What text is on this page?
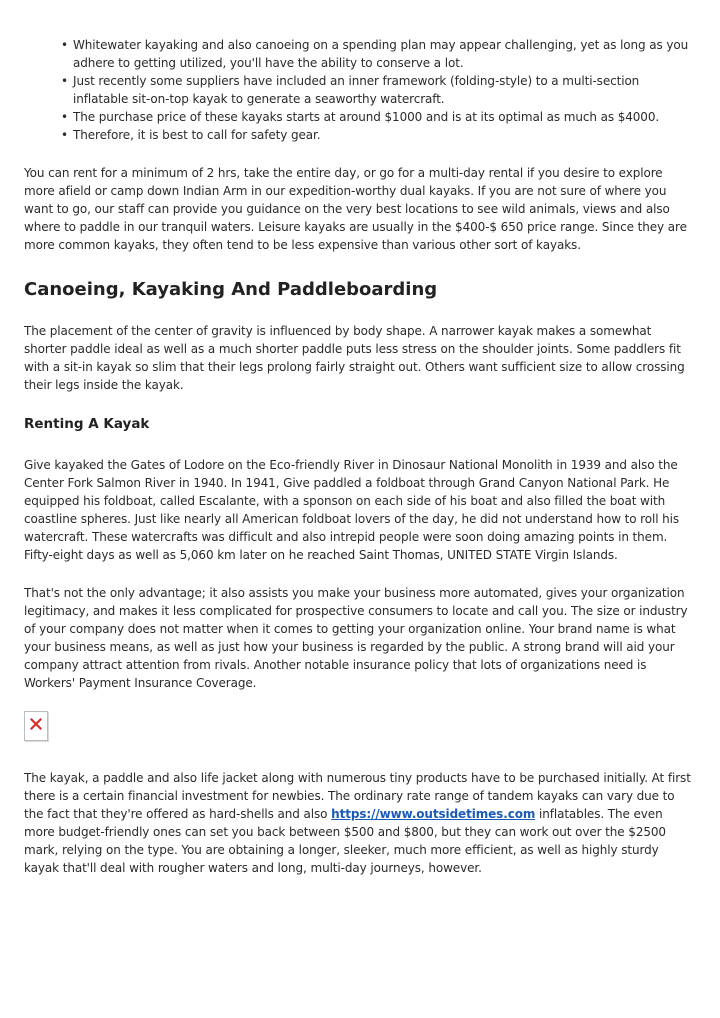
• Whitewater kayaking and also canoeing on a spending plan may appear challenging, yet as long as you adhere to getting utilized, you'll have the ability to conserve a lot.
• Just recently some suppliers have included an inner framework (folding-style) to a multi-section inflatable sit-on-top kayak to generate a seaworthy watercraft.
• The purchase price of these kayaks starts at around $1000 and is at its optimal as much as $4000.
• Therefore, it is best to call for safety gear.

You can rent for a minimum of 2 hrs, take the entire day, or go for a multi-day rental if you desire to explore more afield or camp down Indian Arm in our expedition-worthy dual kayaks. If you are not sure of where you want to go, our staff can provide you guidance on the very best locations to see wild animals, views and also where to paddle in our tranquil waters. Leisure kayaks are usually in the $400-$ 650 price range. Since they are more common kayaks, they often tend to be less expensive than various other sort of kayaks.

Canoeing, Kayaking And Paddleboarding

The placement of the center of gravity is influenced by body shape. A narrower kayak makes a somewhat shorter paddle ideal as well as a much shorter paddle puts less stress on the shoulder joints. Some paddlers fit with a sit-in kayak so slim that their legs prolong fairly straight out. Others want sufficient size to allow crossing their legs inside the kayak.

Renting A Kayak

Give kayaked the Gates of Lodore on the Eco-friendly River in Dinosaur National Monolith in 1939 and also the Center Fork Salmon River in 1940. In 1941, Give paddled a foldboat through Grand Canyon National Park. He equipped his foldboat, called Escalante, with a sponson on each side of his boat and also filled the boat with coastline spheres. Just like nearly all American foldboat lovers of the day, he did not understand how to roll his watercraft. These watercrafts was difficult and also intrepid people were soon doing amazing points in them. Fifty-eight days as well as 5,060 km later on he reached Saint Thomas, UNITED STATE Virgin Islands.

That's not the only advantage; it also assists you make your business more automated, gives your organization legitimacy, and makes it less complicated for prospective consumers to locate and call you. The size or industry of your company does not matter when it comes to getting your organization online. Your brand name is what your business means, as well as just how your business is regarded by the public. A strong brand will aid your company attract attention from rivals. Another notable insurance policy that lots of organizations need is Workers' Payment Insurance Coverage.

The kayak, a paddle and also life jacket along with numerous tiny products have to be purchased initially. At first there is a certain financial investment for newbies. The ordinary rate range of tandem kayaks can vary due to the fact that they're offered as hard-shells and also https://www.outsidetimes.com inflatables. The even more budget-friendly ones can set you back between $500 and $800, but they can work out over the $2500 mark, relying on the type. You are obtaining a longer, sleeker, much more efficient, as well as highly sturdy kayak that'll deal with rougher waters and long, multi-day journeys, however.
